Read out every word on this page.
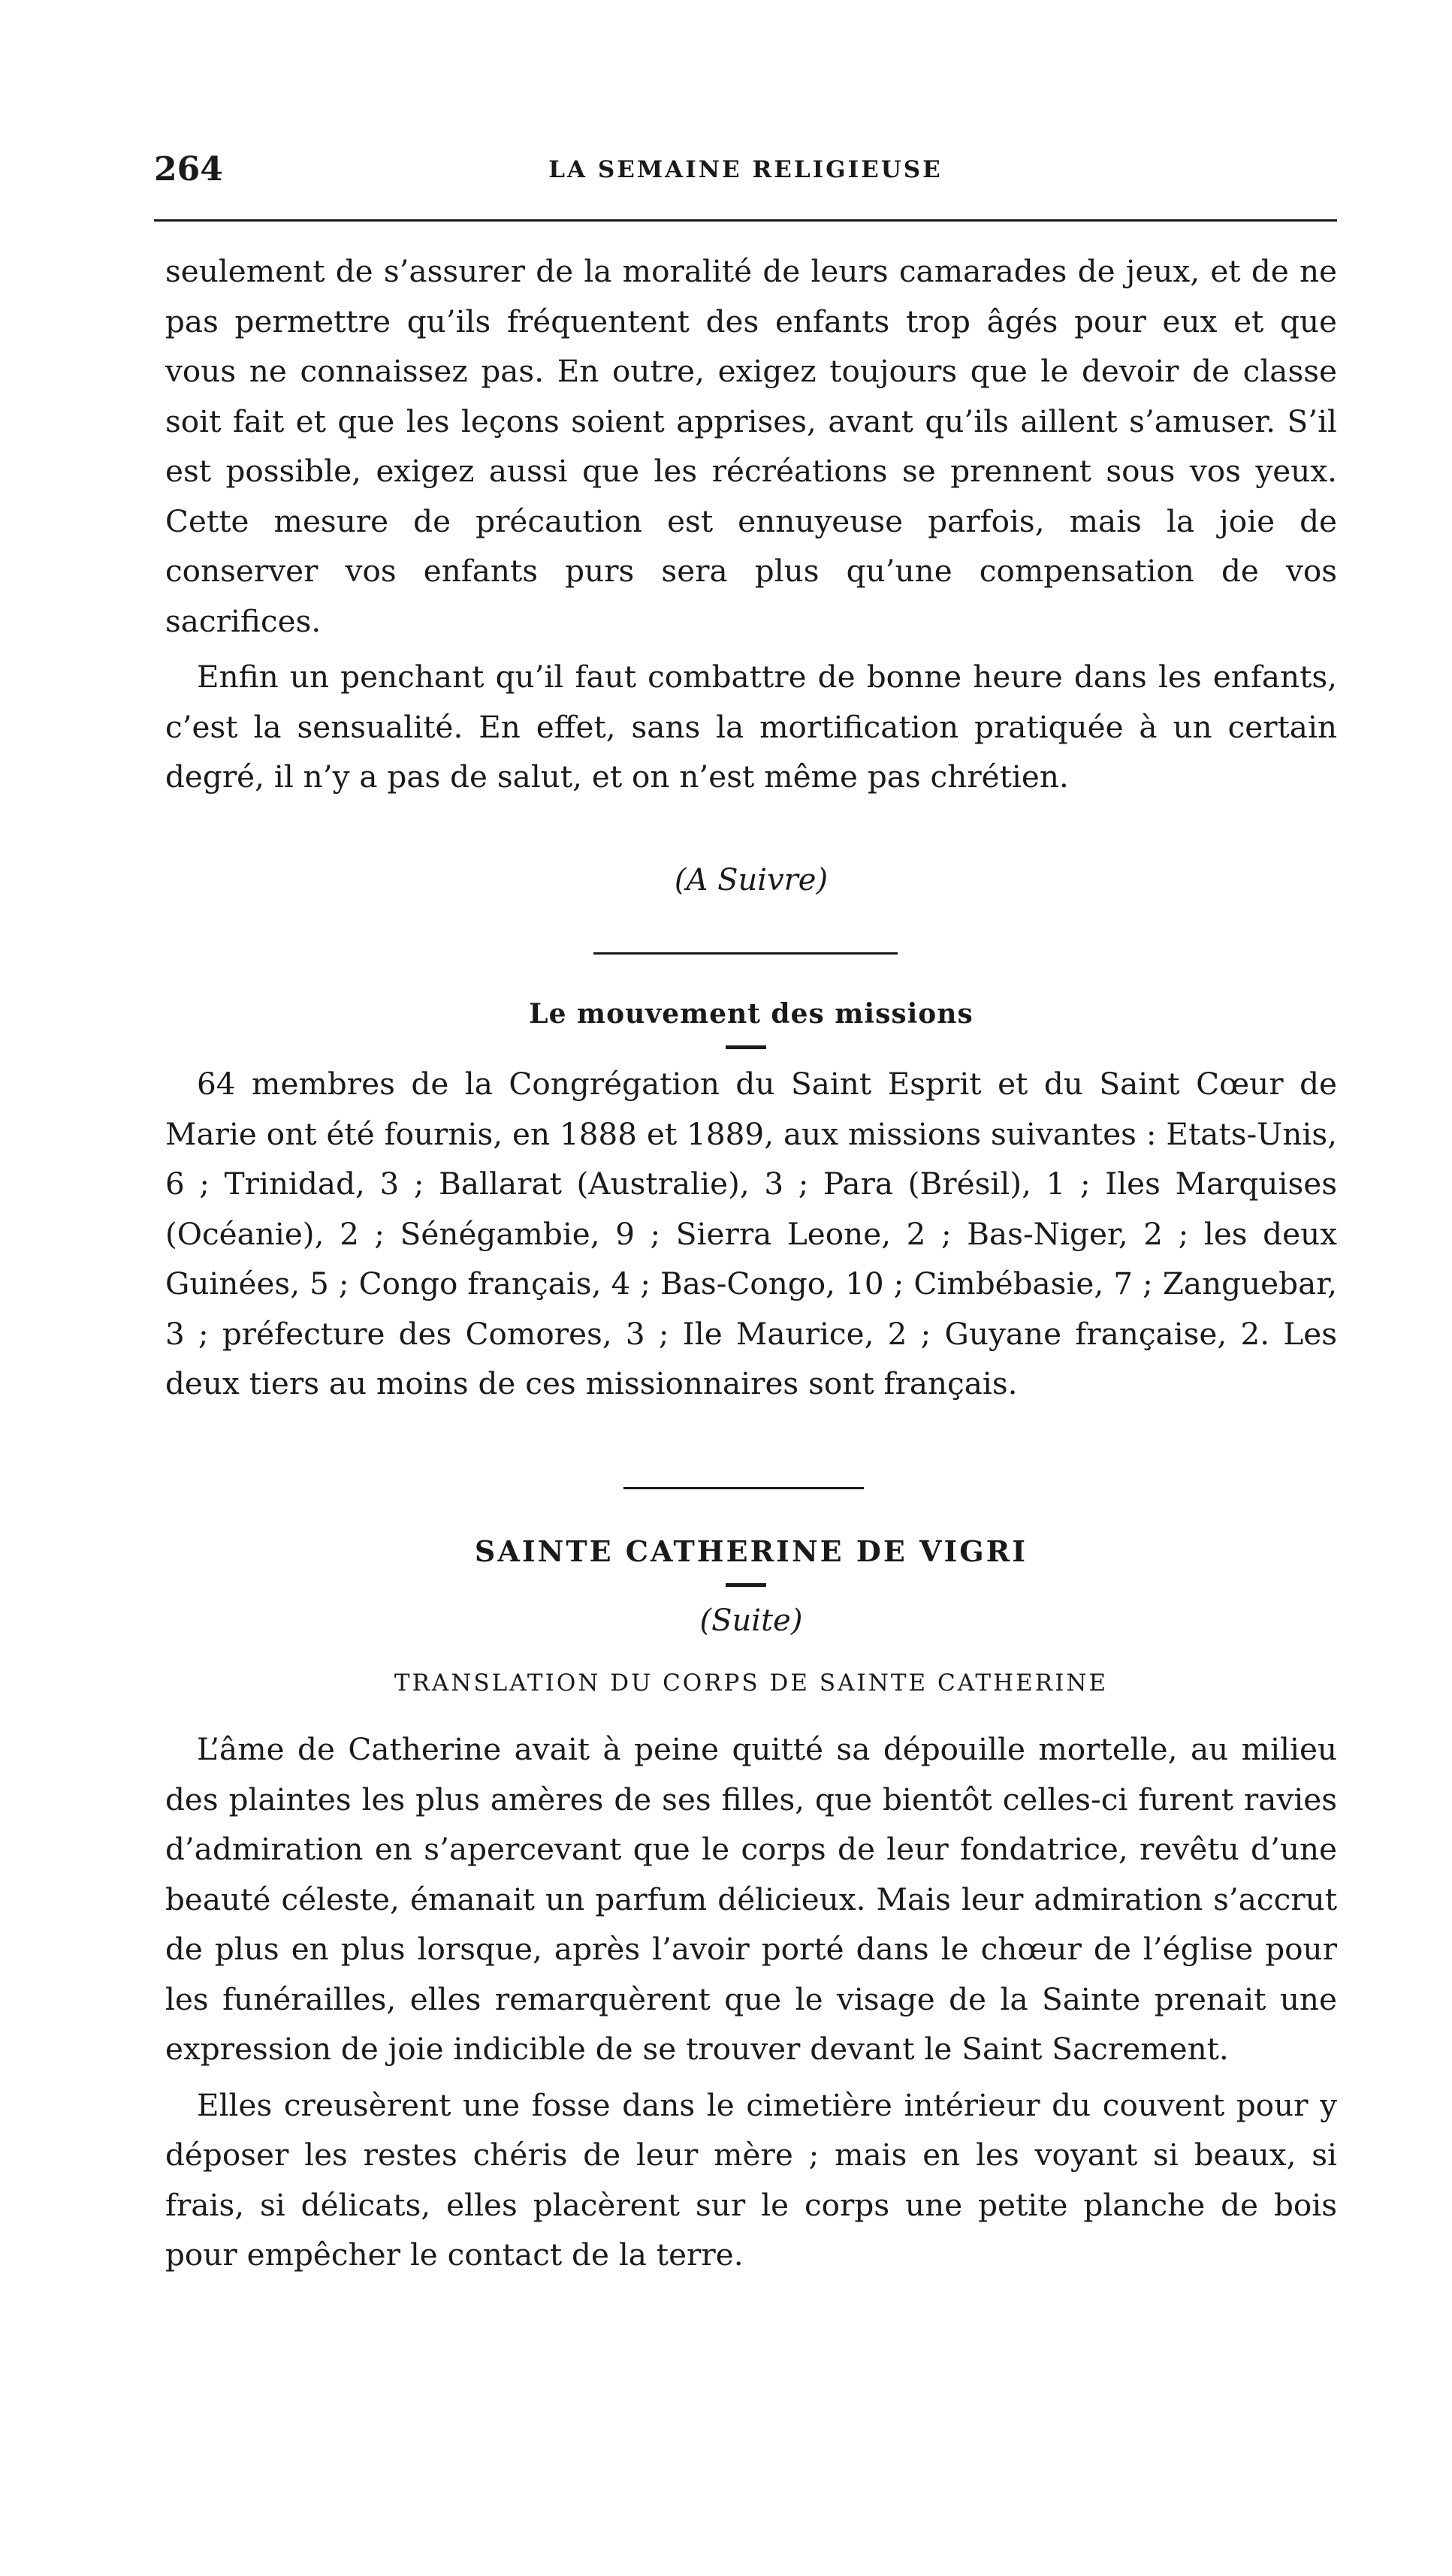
264	LA SEMAINE RELIGIEUSE

seulement de s’assurer de la moralité de leurs camarades de jeux, et de ne pas permettre qu’ils fréquentent des enfants trop âgés pour eux et que vous ne connaissez pas. En outre, exigez toujours que le devoir de classe soit fait et que les leçons soient apprises, avant qu’ils aillent s’amuser. S’il est possible, exigez aussi que les récréations se prennent sous vos yeux. Cette mesure de précaution est ennuyeuse parfois, mais la joie de conserver vos enfants purs sera plus qu’une compensation de vos sacrifices.

Enfin un penchant qu’il faut combattre de bonne heure dans les enfants, c’est la sensualité. En effet, sans la mortification pratiquée à un certain degré, il n’y a pas de salut, et on n’est même pas chrétien.

(A Suivre)
Le mouvement des missions

64 membres de la Congrégation du Saint Esprit et du Saint Cœur de Marie ont été fournis, en 1888 et 1889, aux missions suivantes : Etats-Unis, 6 ; Trinidad, 3 ; Ballarat (Australie), 3 ; Para (Brésil), 1 ; Iles Marquises (Océanie), 2 ; Sénégambie, 9 ; Sierra Leone, 2 ; Bas-Niger, 2 ; les deux Guinées, 5 ; Congo français, 4 ; Bas-Congo, 10 ; Cimbébasie, 7 ; Zanguebar, 3 ; préfecture des Comores, 3 ; Ile Maurice, 2 ; Guyane française, 2. Les deux tiers au moins de ces missionnaires sont français.

SAINTE CATHERINE DE VIGRI
(Suite)
TRANSLATION DU CORPS DE SAINTE CATHERINE

L’âme de Catherine avait à peine quitté sa dépouille mortelle, au milieu des plaintes les plus amères de ses filles, que bientôt celles-ci furent ravies d’admiration en s’apercevant que le corps de leur fondatrice, revêtu d’une beauté céleste, émanait un parfum délicieux. Mais leur admiration s’accrut de plus en plus lorsque, après l’avoir porté dans le chœur de l’église pour les funérailles, elles remarquèrent que le visage de la Sainte prenait une expression de joie indicible de se trouver devant le Saint Sacrement.

Elles creusèrent une fosse dans le cimetière intérieur du couvent pour y déposer les restes chéris de leur mère ; mais en les voyant si beaux, si frais, si délicats, elles placèrent sur le corps une petite planche de bois pour empêcher le contact de la terre.
